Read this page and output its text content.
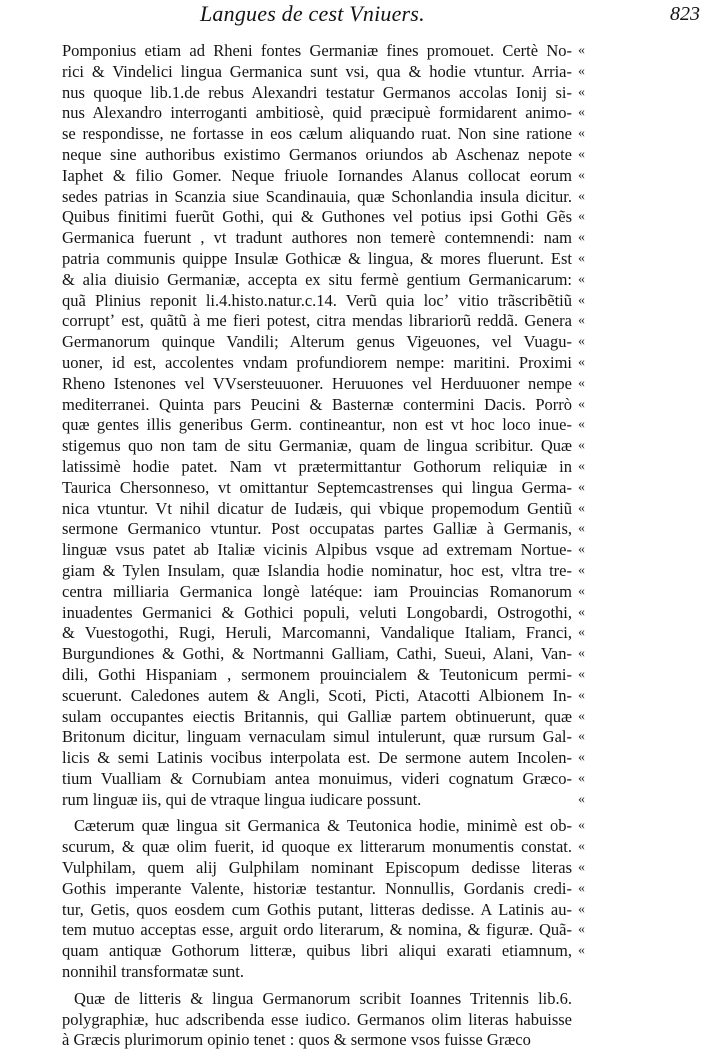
Langues de cest Vniuers.	823
Pomponius etiam ad Rheni fontes Germaniæ fines promouet. Certè No-
rici & Vindelici lingua Germanica sunt vsi, qua & hodie vtuntur. Arria-
nus quoque lib.1.de rebus Alexandri testatur Germanos accolas Ionij si-
nus Alexandro interroganti ambitiosè, quid præcipuè formidarent animo-
se respondisse, ne fortasse in eos cælum aliquando ruat. Non sine ratione
neque sine authoribus existimo Germanos oriundos ab Aschenaz nepote
Iaphet & filio Gomer. Neque friuole Iornandes Alanus collocat eorum
sedes patrias in Scanzia siue Scandinauia, quæ Schonlandia insula dicitur.
Quibus finitimi fuerũt Gothi, qui & Guthones vel potius ipsi Gothi Gẽs
Germanica fuerunt , vt tradunt authores non temerè contemnendi: nam
patria communis quippe Insulæ Gothicæ & lingua, & mores fluerunt. Est
& alia diuisio Germaniæ, accepta ex situ fermè gentium Germanicarum:
quã Plinius reponit li.4.histo.natur.c.14. Verũ quia locʼ vitio trãscribẽtiũ
corruptʼ est, quãtũ à me fieri potest, citra mendas librariorũ reddã. Genera
Germanorum quinque Vandili; Alterum genus Vigeuones, vel Vuagu-
uoner, id est, accolentes vndam profundiorem nempe: maritini. Proximi
Rheno Istenones vel VVsersteuuoner. Heruuones vel Herduuoner nempe
mediterranei. Quinta pars Peucini & Basternæ contermini Dacis. Porrò
quæ gentes illis generibus Germ. contineantur, non est vt hoc loco inue-
stigemus quo non tam de situ Germaniæ, quam de lingua scribitur. Quæ
latissimè hodie patet. Nam vt prætermittantur Gothorum reliquiæ in
Taurica Chersonneso, vt omittantur Septemcastrenses qui lingua Germa-
nica vtuntur. Vt nihil dicatur de Iudæis, qui vbique propemodum Gentiũ
sermone Germanico vtuntur. Post occupatas partes Galliæ à Germanis,
linguæ vsus patet ab Italiæ vicinis Alpibus vsque ad extremam Nortue-
giam & Tylen Insulam, quæ Islandia hodie nominatur, hoc est, vltra tre-
centra milliaria Germanica longè latéque: iam Prouincias Romanorum
inuadentes Germanici & Gothici populi, veluti Longobardi, Ostrogothi,
& Vuestogothi, Rugi, Heruli, Marcomanni, Vandalique Italiam, Franci,
Burgundiones & Gothi, & Nortmanni Galliam, Cathi, Sueui, Alani, Van-
dili, Gothi Hispaniam , sermonem prouincialem & Teutonicum permi-
scuerunt. Caledones autem & Angli, Scoti, Picti, Atacotti Albionem In-
sulam occupantes eiectis Britannis, qui Galliæ partem obtinuerunt, quæ
Britonum dicitur, linguam vernaculam simul intulerunt, quæ rursum Gal-
licis & semi Latinis vocibus interpolata est. De sermone autem Incolen-
tium Vualliam & Cornubiam antea monuimus, videri cognatum Græco-
rum linguæ iis, qui de vtraque lingua iudicare possunt.
Cæterum quæ lingua sit Germanica & Teutonica hodie, minimè est ob-
scurum, & quæ olim fuerit, id quoque ex litterarum monumentis constat.
Vulphilam, quem alij Gulphilam nominant Episcopum dedisse literas
Gothis imperante Valente, historiæ testantur. Nonnullis, Gordanis credi-
tur, Getis, quos eosdem cum Gothis putant, litteras dedisse. A Latinis au-
tem mutuo acceptas esse, arguit ordo literarum, & nomina, & figuræ. Quã-
quam antiquæ Gothorum litteræ, quibus libri aliqui exarati etiamnum,
nonnihil transformatæ sunt.
Quæ de litteris & lingua Germanorum scribit Ioannes Tritennis lib.6.
polygraphiæ, huc adscribenda esse iudico. Germanos olim literas habuisse
à Græcis plurimorum opinio tenet : quos & sermone vsos fuisse Græco
«
«
«
«
«
«
«
«
«
«
«
«
«
«
«
«
«
«
«
«
«
«
«
«
«
«
«
«
«
«
«
«
«
«
«
«
«
«
«
«
«
«
«
«
